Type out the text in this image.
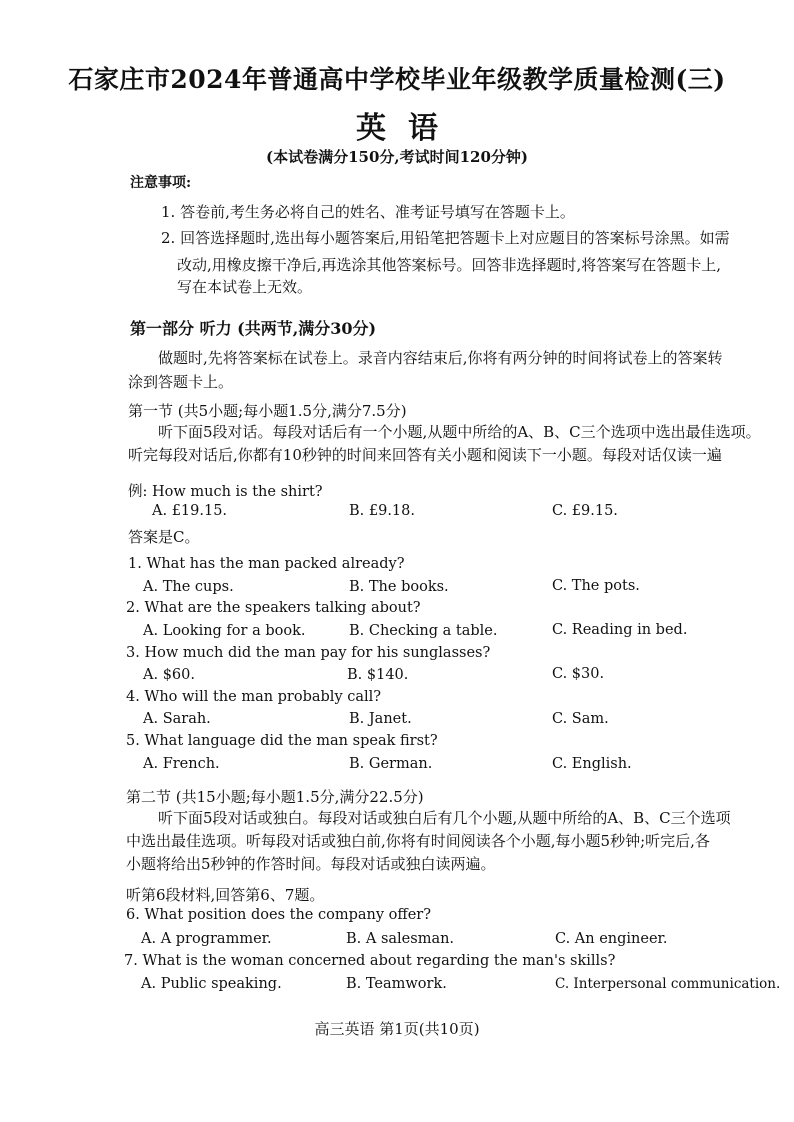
石家庄市2024年普通高中学校毕业年级教学质量检测(三)
英语
(本试卷满分150分,考试时间120分钟)
注意事项:
1. 答卷前,考生务必将自己的姓名、准考证号填写在答题卡上。
2. 回答选择题时,选出每小题答案后,用铅笔把答题卡上对应题目的答案标号涂黑。如需
改动,用橡皮擦干净后,再选涂其他答案标号。回答非选择题时,将答案写在答题卡上,
写在本试卷上无效。
第一部分 听力 (共两节,满分30分)
做题时,先将答案标在试卷上。录音内容结束后,你将有两分钟的时间将试卷上的答案转
涂到答题卡上。
第一节 (共5小题;每小题1.5分,满分7.5分)
听下面5段对话。每段对话后有一个小题,从题中所给的A、B、C三个选项中选出最佳选项。
听完每段对话后,你都有10秒钟的时间来回答有关小题和阅读下一小题。每段对话仅读一遍
例: How much is the shirt?
A. £19.15.	B. £9.18.	C. £9.15.
答案是C。
1. What has the man packed already?
A. The cups.	B. The books.	C. The pots.
2. What are the speakers talking about?
A. Looking for a book.	B. Checking a table.	C. Reading in bed.
3. How much did the man pay for his sunglasses?
A. $60.	B. $140.	C. $30.
4. Who will the man probably call?
A. Sarah.	B. Janet.	C. Sam.
5. What language did the man speak first?
A. French.	B. German.	C. English.
第二节 (共15小题;每小题1.5分,满分22.5分)
听下面5段对话或独白。每段对话或独白后有几个小题,从题中所给的A、B、C三个选项
中选出最佳选项。听每段对话或独白前,你将有时间阅读各个小题,每小题5秒钟;听完后,各
小题将给出5秒钟的作答时间。每段对话或独白读两遍。
听第6段材料,回答第6、7题。
6. What position does the company offer?
A. A programmer.	B. A salesman.	C. An engineer.
7. What is the woman concerned about regarding the man's skills?
A. Public speaking.	B. Teamwork.	C. Interpersonal communication.
高三英语 第1页(共10页)
